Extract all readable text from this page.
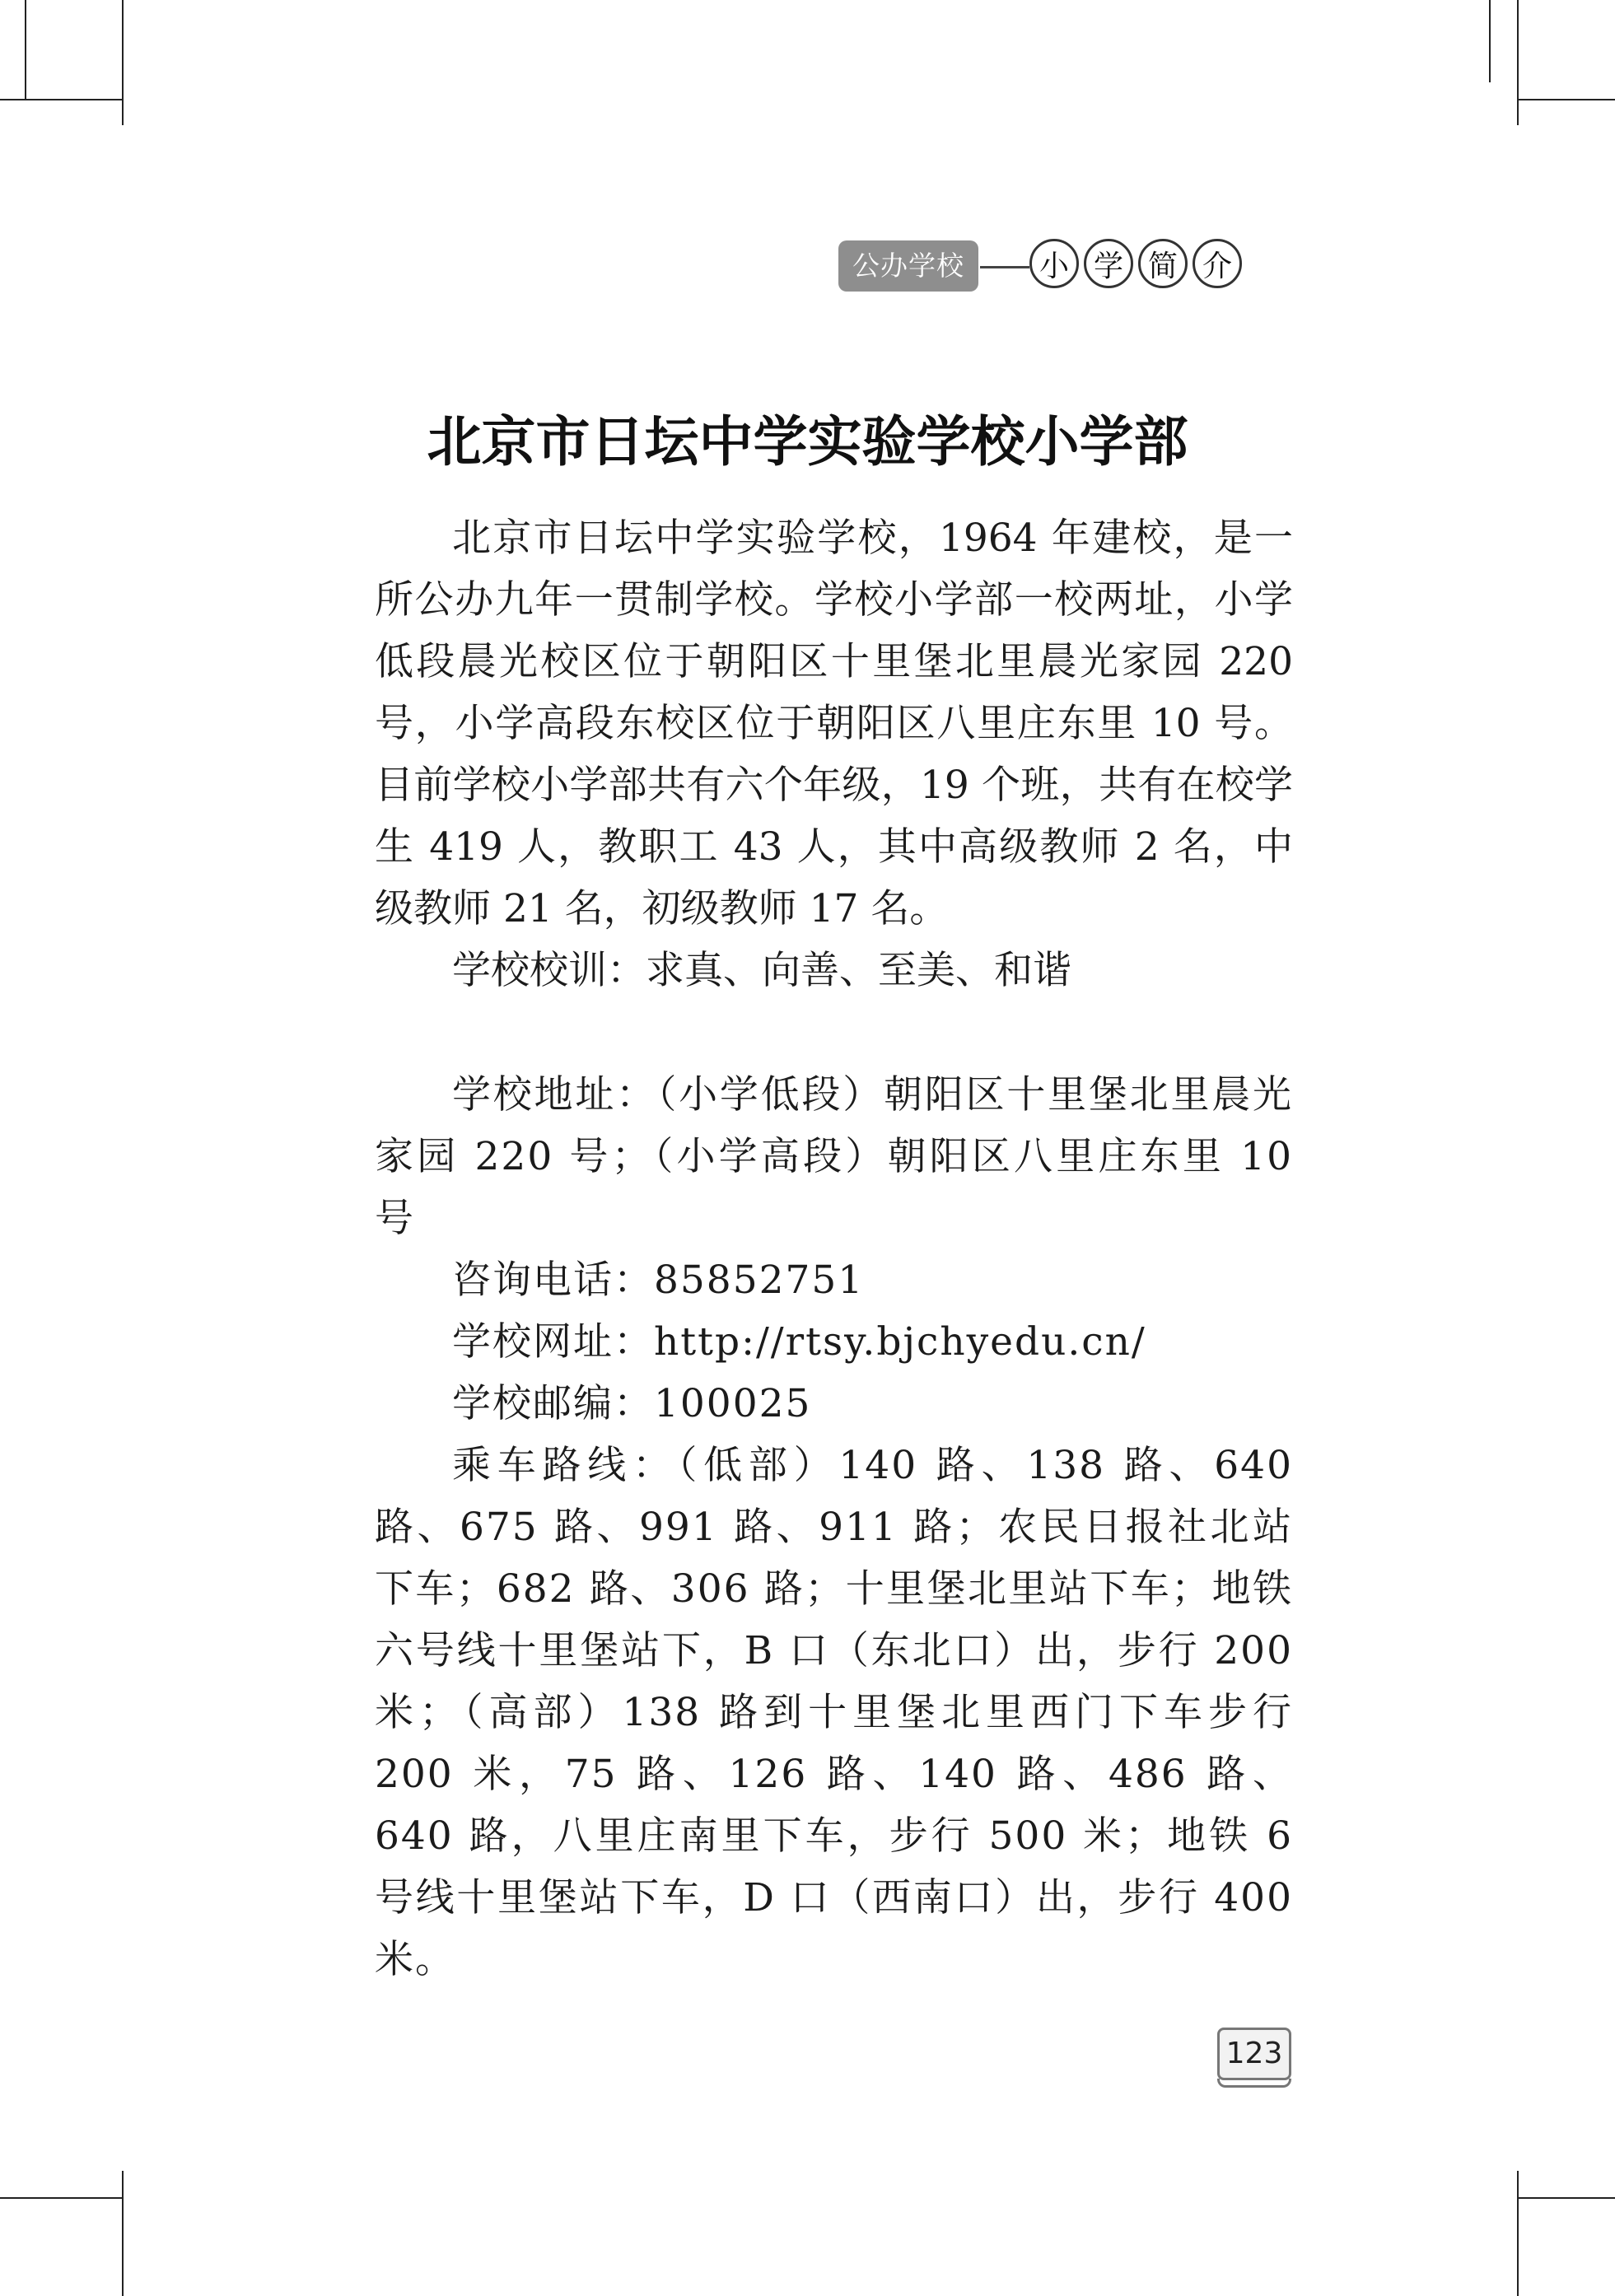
公办学校	小 学 简 介
北京市日坛中学实验学校小学部

北京市日坛中学实验学校，1964 年建校，是一所公办九年一贯制学校。学校小学部一校两址，小学低段晨光校区位于朝阳区十里堡北里晨光家园 220 号，小学高段东校区位于朝阳区八里庄东里 10 号。目前学校小学部共有六个年级，19 个班，共有在校学生 419 人，教职工 43 人，其中高级教师 2 名，中级教师 21 名，初级教师 17 名。

学校校训：求真、向善、至美、和谐

学校地址：（小学低段）朝阳区十里堡北里晨光家园 220 号；（小学高段）朝阳区八里庄东里 10 号

咨询电话：85852751

学校网址：http://rtsy.bjchyedu.cn/

学校邮编：100025

乘车路线：（低部）140 路、138 路、640 路、675 路、991 路、911 路；农民日报社北站下车；682 路、306 路；十里堡北里站下车；地铁六号线十里堡站下，B 口（东北口）出，步行 200 米；（高部）138 路到十里堡北里西门下车步行 200 米，75 路、126 路、140 路、486 路、640 路，八里庄南里下车，步行 500 米；地铁 6 号线十里堡站下车，D 口（西南口）出，步行 400 米。

123
